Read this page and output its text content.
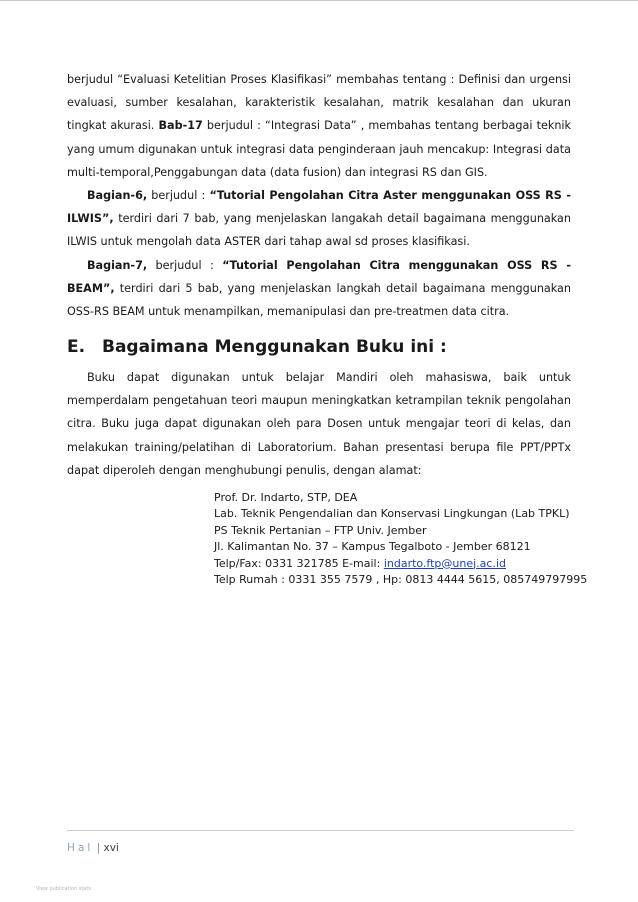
berjudul “Evaluasi Ketelitian Proses Klasifikasi” membahas tentang : Definisi dan urgensi evaluasi, sumber kesalahan, karakteristik kesalahan, matrik kesalahan dan ukuran tingkat akurasi. Bab-17 berjudul : “Integrasi Data” , membahas tentang berbagai teknik yang umum digunakan untuk integrasi data penginderaan jauh mencakup: Integrasi data multi-temporal,Penggabungan data (data fusion) dan integrasi RS dan GIS.

Bagian-6, berjudul : “Tutorial Pengolahan Citra Aster menggunakan OSS RS - ILWIS”, terdiri dari 7 bab, yang menjelaskan langakah detail bagaimana menggunakan ILWIS untuk mengolah data ASTER dari tahap awal sd proses klasifikasi.

Bagian-7, berjudul : “Tutorial Pengolahan Citra menggunakan OSS RS - BEAM”, terdiri dari 5 bab, yang menjelaskan langkah detail bagaimana menggunakan OSS-RS BEAM untuk menampilkan, memanipulasi dan pre-treatmen data citra.

E. Bagaimana Menggunakan Buku ini :

Buku dapat digunakan untuk belajar Mandiri oleh mahasiswa, baik untuk memperdalam pengetahuan teori maupun meningkatkan ketrampilan teknik pengolahan citra. Buku juga dapat digunakan oleh para Dosen untuk mengajar teori di kelas, dan melakukan training/pelatihan di Laboratorium. Bahan presentasi berupa file PPT/PPTx dapat diperoleh dengan menghubungi penulis, dengan alamat:

Prof. Dr. Indarto, STP, DEA
Lab. Teknik Pengendalian dan Konservasi Lingkungan (Lab TPKL)
PS Teknik Pertanian – FTP Univ. Jember
Jl. Kalimantan No. 37 – Kampus Tegalboto - Jember 68121
Telp/Fax: 0331 321785 E-mail: indarto.ftp@unej.ac.id
Telp Rumah : 0331 355 7579 , Hp: 0813 4444 5615, 085749797995
Hal | xvi
View publication stats
